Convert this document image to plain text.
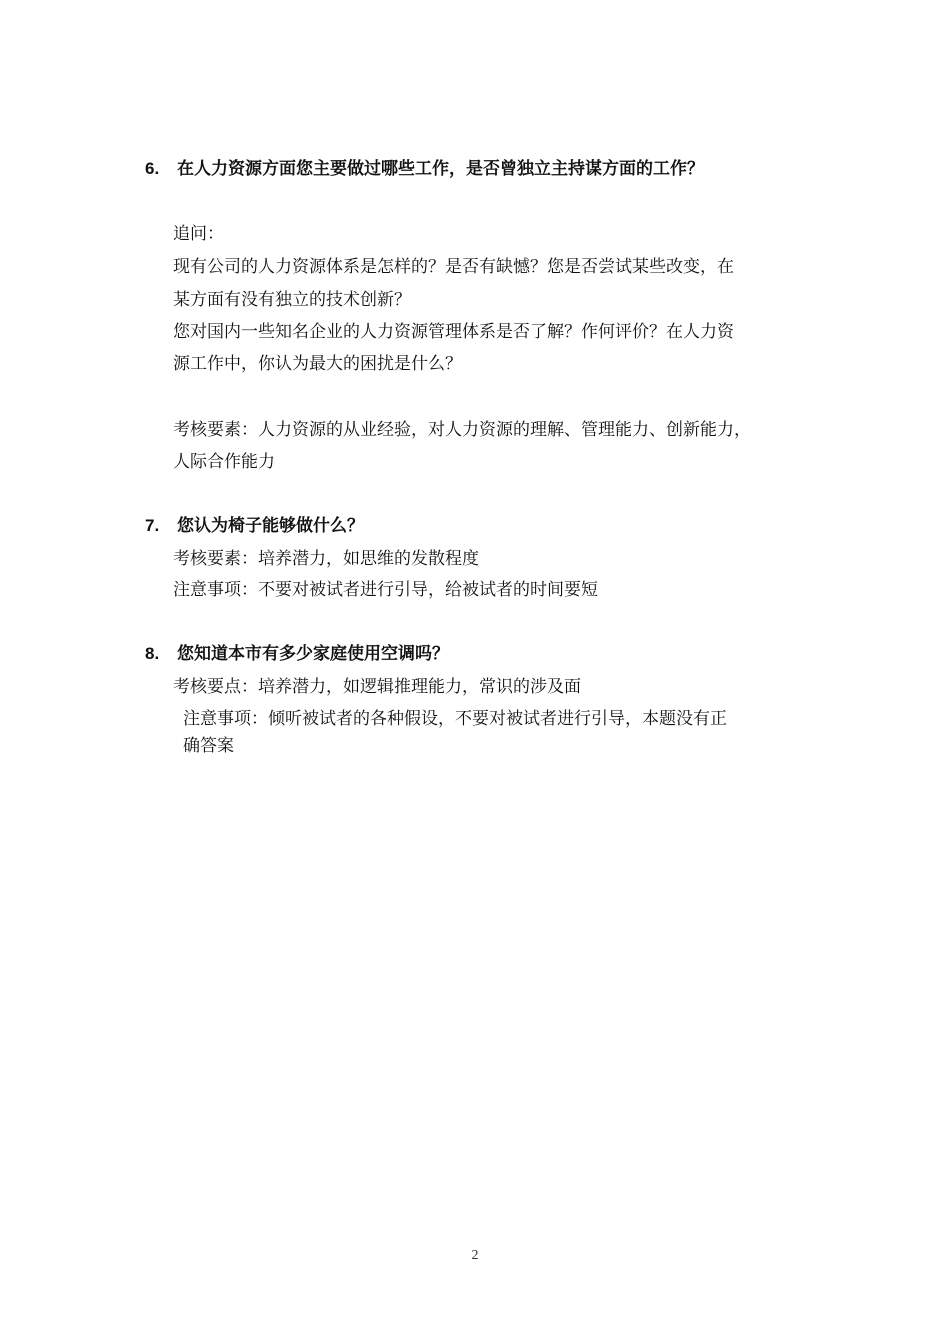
6. 在人力资源方面您主要做过哪些工作，是否曾独立主持谋方面的工作？
追问：
现有公司的人力资源体系是怎样的？是否有缺憾？您是否尝试某些改变，在
某方面有没有独立的技术创新？
您对国内一些知名企业的人力资源管理体系是否了解？作何评价？在人力资
源工作中，你认为最大的困扰是什么？
考核要素：人力资源的从业经验，对人力资源的理解、管理能力、创新能力，
人际合作能力
7. 您认为椅子能够做什么？
考核要素：培养潜力，如思维的发散程度
注意事项：不要对被试者进行引导，给被试者的时间要短
8. 您知道本市有多少家庭使用空调吗？
考核要点：培养潜力，如逻辑推理能力，常识的涉及面
注意事项：倾听被试者的各种假设，不要对被试者进行引导，本题没有正
确答案
2
